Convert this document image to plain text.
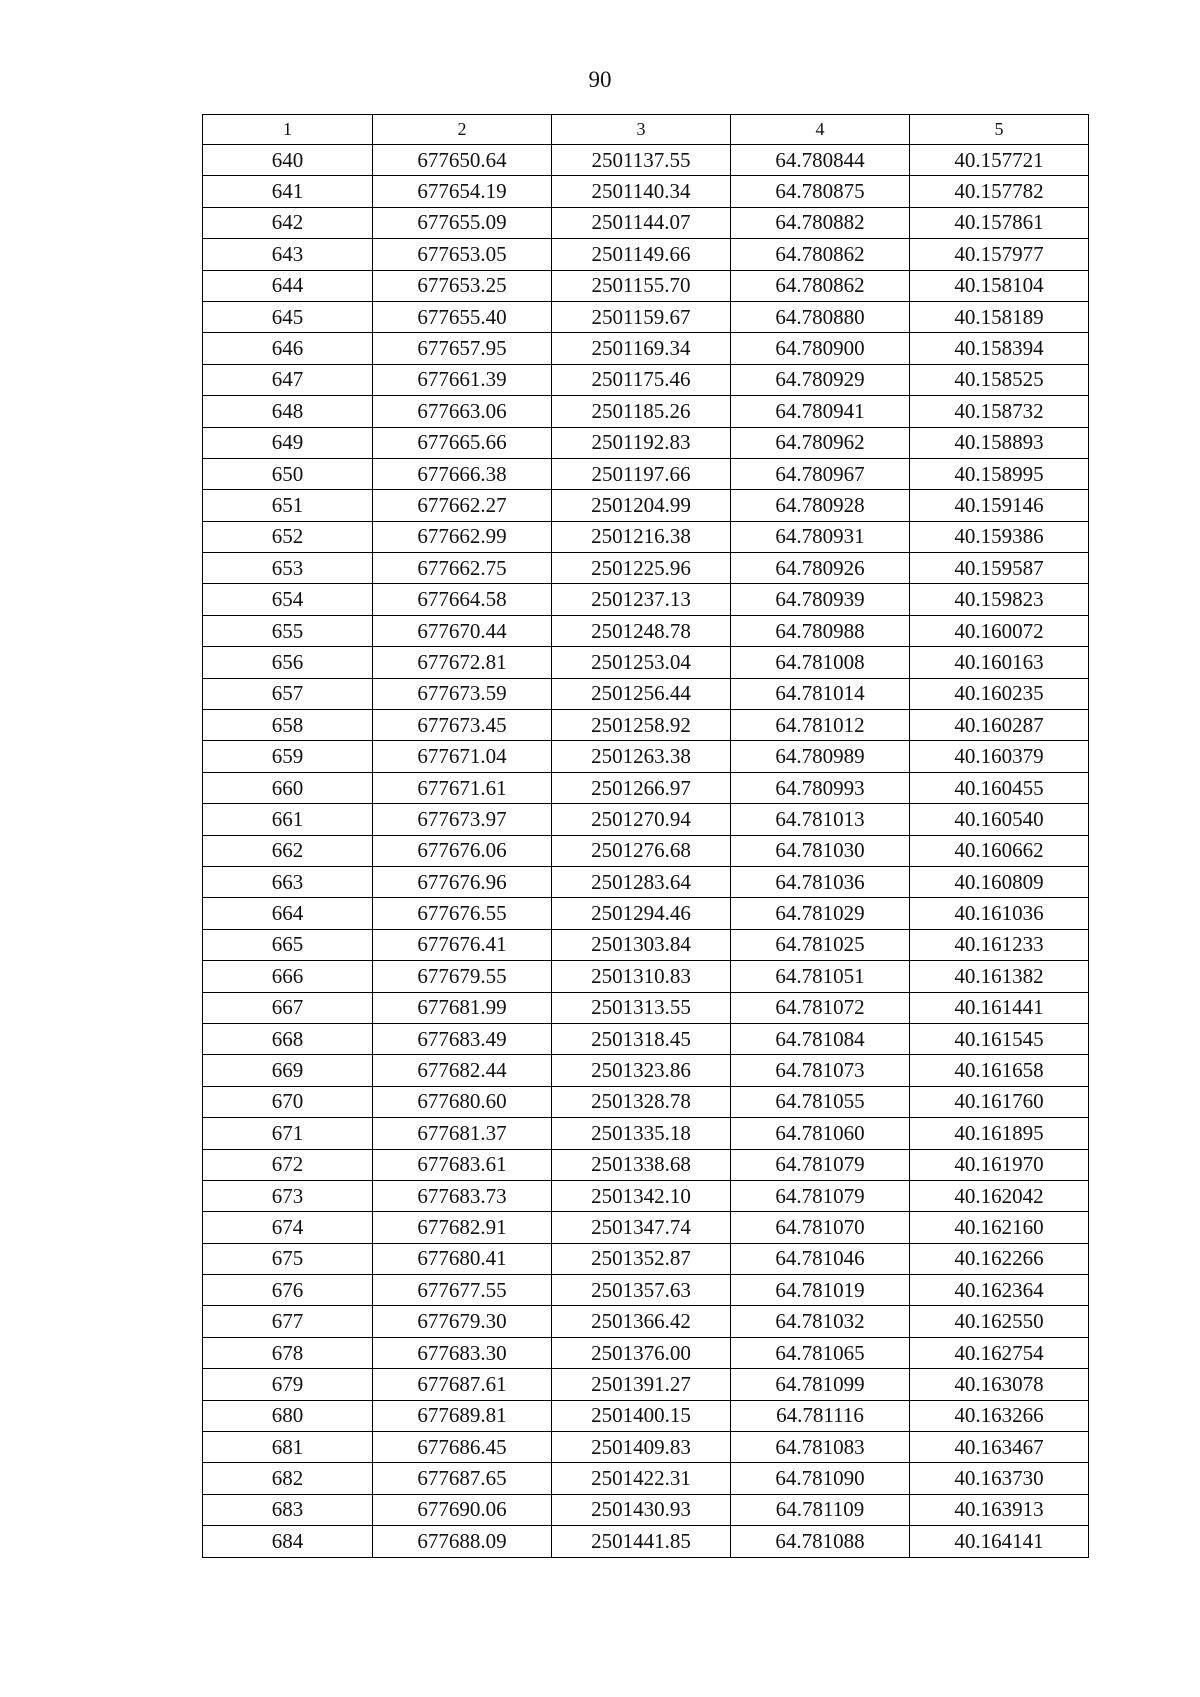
90
1	2	3	4	5
640	677650.64	2501137.55	64.780844	40.157721
641	677654.19	2501140.34	64.780875	40.157782
642	677655.09	2501144.07	64.780882	40.157861
643	677653.05	2501149.66	64.780862	40.157977
644	677653.25	2501155.70	64.780862	40.158104
645	677655.40	2501159.67	64.780880	40.158189
646	677657.95	2501169.34	64.780900	40.158394
647	677661.39	2501175.46	64.780929	40.158525
648	677663.06	2501185.26	64.780941	40.158732
649	677665.66	2501192.83	64.780962	40.158893
650	677666.38	2501197.66	64.780967	40.158995
651	677662.27	2501204.99	64.780928	40.159146
652	677662.99	2501216.38	64.780931	40.159386
653	677662.75	2501225.96	64.780926	40.159587
654	677664.58	2501237.13	64.780939	40.159823
655	677670.44	2501248.78	64.780988	40.160072
656	677672.81	2501253.04	64.781008	40.160163
657	677673.59	2501256.44	64.781014	40.160235
658	677673.45	2501258.92	64.781012	40.160287
659	677671.04	2501263.38	64.780989	40.160379
660	677671.61	2501266.97	64.780993	40.160455
661	677673.97	2501270.94	64.781013	40.160540
662	677676.06	2501276.68	64.781030	40.160662
663	677676.96	2501283.64	64.781036	40.160809
664	677676.55	2501294.46	64.781029	40.161036
665	677676.41	2501303.84	64.781025	40.161233
666	677679.55	2501310.83	64.781051	40.161382
667	677681.99	2501313.55	64.781072	40.161441
668	677683.49	2501318.45	64.781084	40.161545
669	677682.44	2501323.86	64.781073	40.161658
670	677680.60	2501328.78	64.781055	40.161760
671	677681.37	2501335.18	64.781060	40.161895
672	677683.61	2501338.68	64.781079	40.161970
673	677683.73	2501342.10	64.781079	40.162042
674	677682.91	2501347.74	64.781070	40.162160
675	677680.41	2501352.87	64.781046	40.162266
676	677677.55	2501357.63	64.781019	40.162364
677	677679.30	2501366.42	64.781032	40.162550
678	677683.30	2501376.00	64.781065	40.162754
679	677687.61	2501391.27	64.781099	40.163078
680	677689.81	2501400.15	64.781116	40.163266
681	677686.45	2501409.83	64.781083	40.163467
682	677687.65	2501422.31	64.781090	40.163730
683	677690.06	2501430.93	64.781109	40.163913
684	677688.09	2501441.85	64.781088	40.164141
